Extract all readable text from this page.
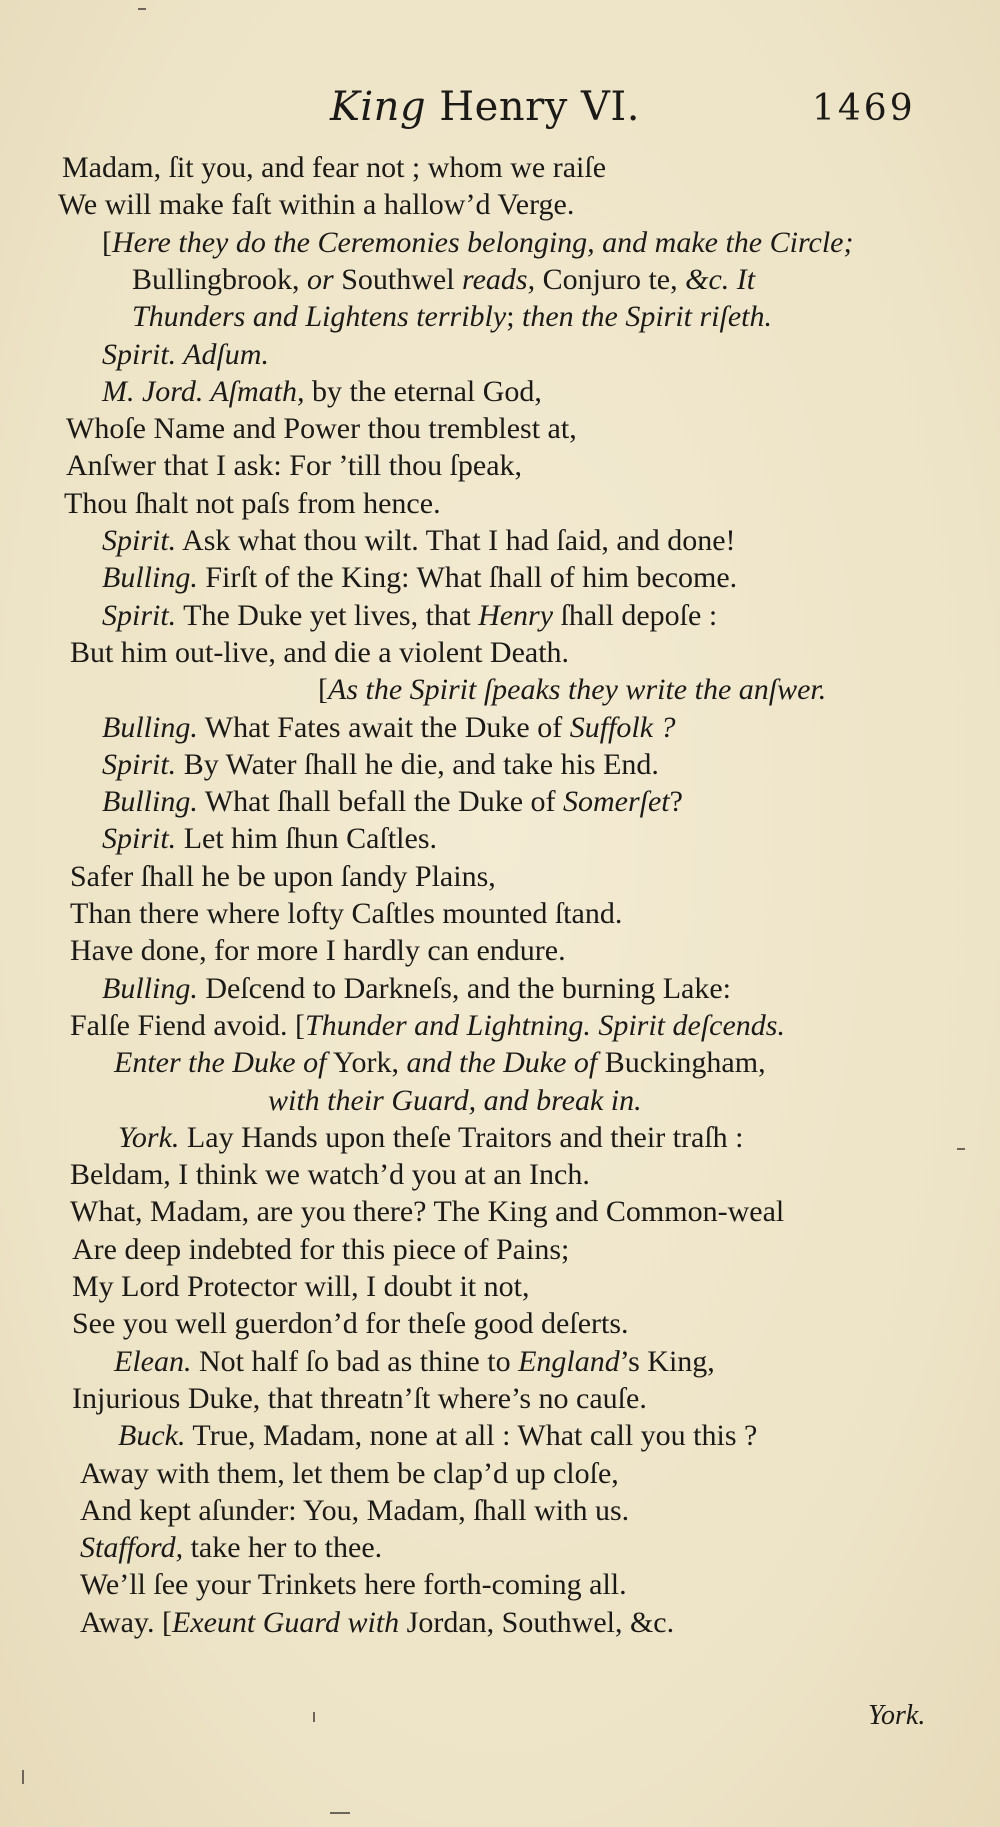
King Henry VI.	1469
Madam, ſit you, and fear not ; whom we raiſe
We will make faſt within a hallow’d Verge.
[Here they do the Ceremonies belonging, and make the Circle;
Bullingbrook, or Southwel reads, Conjuro te, &c. It
Thunders and Lightens terribly; then the Spirit riſeth.
Spirit. Adſum.
M. Jord. Aſmath, by the eternal God,
Whoſe Name and Power thou tremblest at,
Anſwer that I ask: For ’till thou ſpeak,
Thou ſhalt not paſs from hence.
Spirit. Ask what thou wilt. That I had ſaid, and done!
Bulling. Firſt of the King: What ſhall of him become.
Spirit. The Duke yet lives, that Henry ſhall depoſe :
But him out-live, and die a violent Death.
[As the Spirit ſpeaks they write the anſwer.
Bulling. What Fates await the Duke of Suffolk ?
Spirit. By Water ſhall he die, and take his End.
Bulling. What ſhall befall the Duke of Somerſet?
Spirit. Let him ſhun Caſtles.
Safer ſhall he be upon ſandy Plains,
Than there where lofty Caſtles mounted ſtand.
Have done, for more I hardly can endure.
Bulling. Deſcend to Darkneſs, and the burning Lake:
Falſe Fiend avoid. [Thunder and Lightning. Spirit deſcends.
Enter the Duke of York, and the Duke of Buckingham,
with their Guard, and break in.
York. Lay Hands upon theſe Traitors and their traſh :
Beldam, I think we watch’d you at an Inch.
What, Madam, are you there? The King and Common-weal
Are deep indebted for this piece of Pains;
My Lord Protector will, I doubt it not,
See you well guerdon’d for theſe good deſerts.
Elean. Not half ſo bad as thine to England’s King,
Injurious Duke, that threatn’ſt where’s no cauſe.
Buck. True, Madam, none at all : What call you this ?
Away with them, let them be clap’d up cloſe,
And kept aſunder: You, Madam, ſhall with us.
Stafford, take her to thee.
We’ll ſee your Trinkets here forth-coming all.
Away. [Exeunt Guard with Jordan, Southwel, &c.
York.
